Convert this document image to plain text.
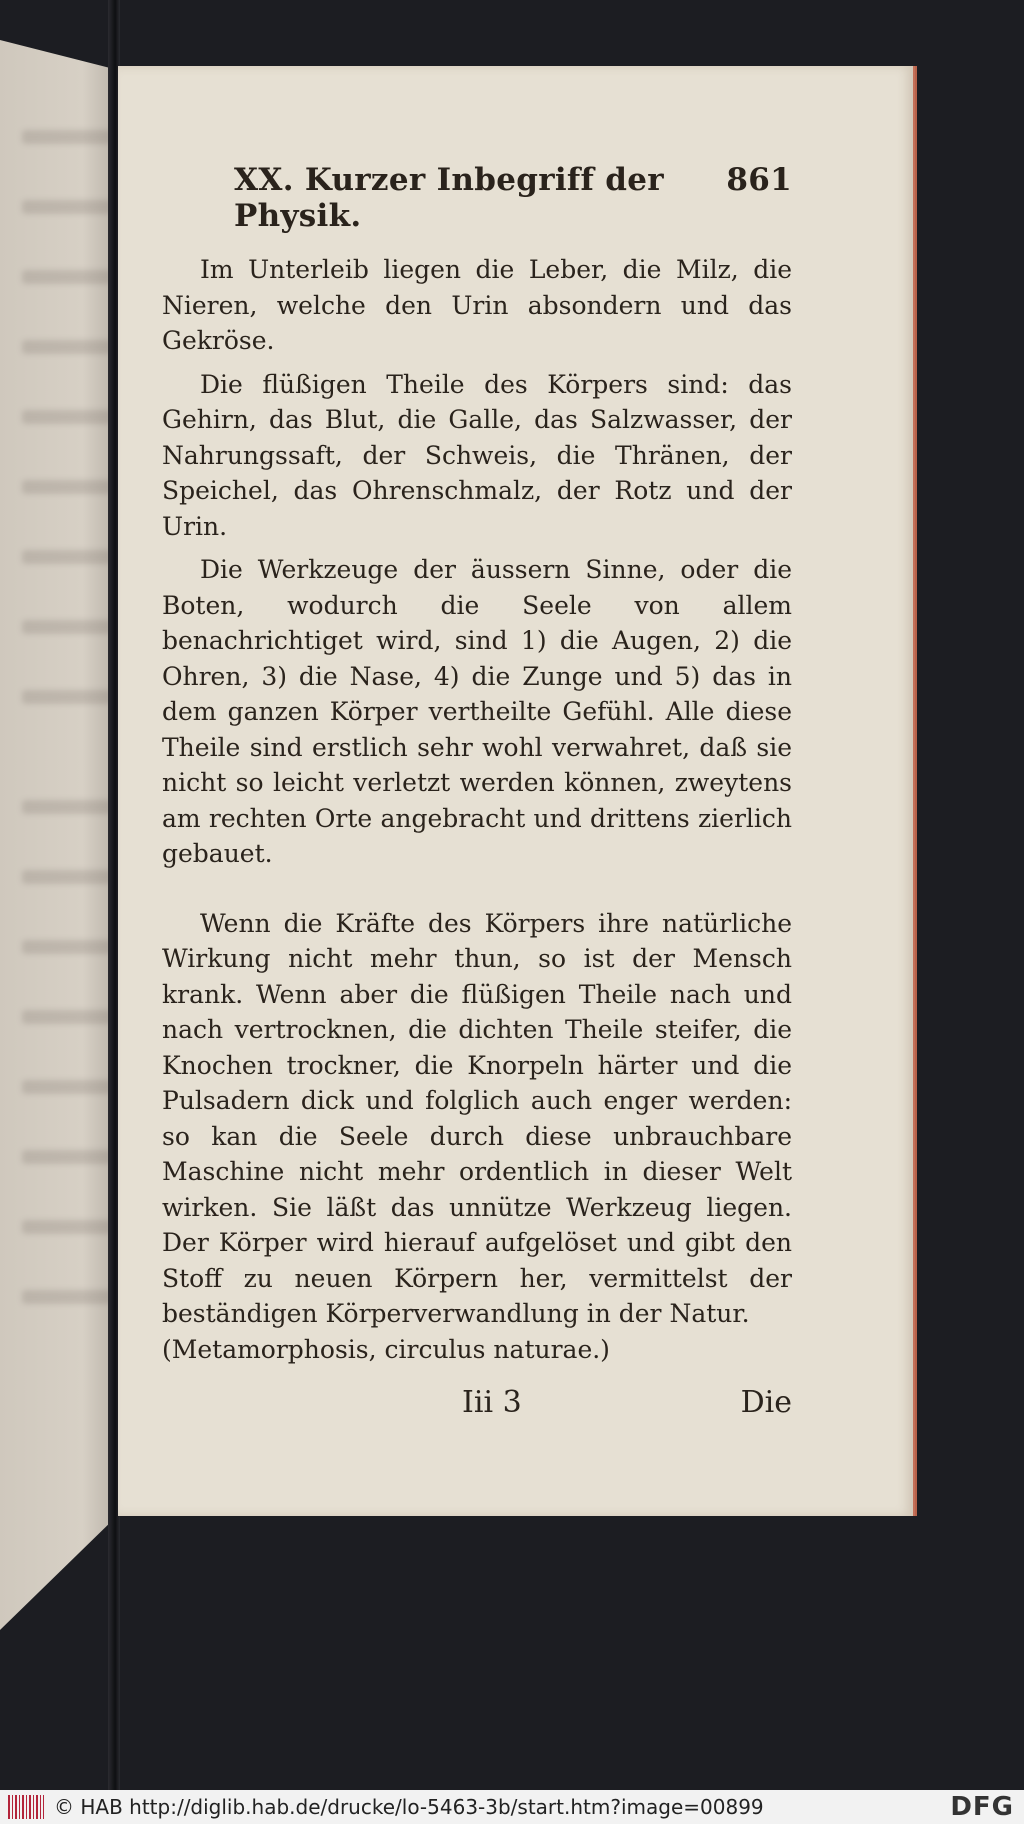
XX. Kurzer Inbegriff der Physik.
861

Im Unterleib liegen die Leber, die Milz, die Nieren, welche den Urin absondern und das Gekröse.

Die flüßigen Theile des Körpers sind: das Gehirn, das Blut, die Galle, das Salzwasser, der Nahrungssaft, der Schweis, die Thränen, der Speichel, das Ohrenschmalz, der Rotz und der Urin.

Die Werkzeuge der äussern Sinne, oder die Boten, wodurch die Seele von allem benachrichtiget wird, sind 1) die Augen, 2) die Ohren, 3) die Nase, 4) die Zunge und 5) das in dem ganzen Körper vertheilte Gefühl. Alle diese Theile sind erstlich sehr wohl verwahret, daß sie nicht so leicht verletzt werden können, zweytens am rechten Orte angebracht und drittens zierlich gebauet.

Wenn die Kräfte des Körpers ihre natürliche Wirkung nicht mehr thun, so ist der Mensch krank. Wenn aber die flüßigen Theile nach und nach vertrocknen, die dichten Theile steifer, die Knochen trockner, die Knorpeln härter und die Pulsadern dick und folglich auch enger werden: so kan die Seele durch diese unbrauchbare Maschine nicht mehr ordentlich in dieser Welt wirken. Sie läßt das unnütze Werkzeug liegen. Der Körper wird hierauf aufgelöset und gibt den Stoff zu neuen Körpern her, vermittelst der beständigen Körperverwandlung in der Natur.

(Metamorphosis, circulus naturae.)

Iii 3	Die
© HAB http://diglib.hab.de/drucke/lo-5463-3b/start.htm?image=00899	DFG
